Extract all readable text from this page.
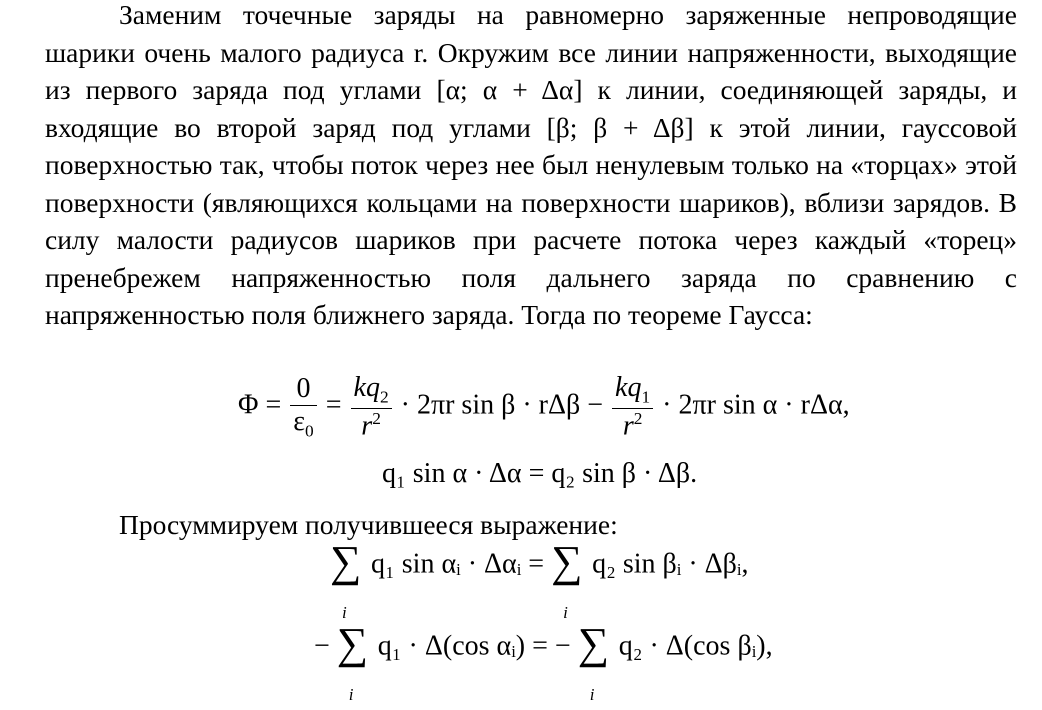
Заменим точечные заряды на равномерно заряженные непроводящие шарики очень малого радиуса r. Окружим все линии напряженности, выходящие из первого заряда под углами [α; α + Δα] к линии, соединяющей заряды, и входящие во второй заряд под углами [β; β + Δβ] к этой линии, гауссовой поверхностью так, чтобы поток через нее был ненулевым только на «торцах» этой поверхности (являющихся кольцами на поверхности шариков), вблизи зарядов. В силу малости радиусов шариков при расчете потока через каждый «торец» пренебрежем напряженностью поля дальнего заряда по сравнению с напряженностью поля ближнего заряда. Тогда по теореме Гаусса:

$\Phi = \frac{0}{\varepsilon_0} = \frac{kq_2}{r^2} \cdot 2\pi r$ $\sin \beta \cdot r\Delta\beta - \frac{kq_1}{r^2} \cdot 2\pi r$ sin α · rΔα,
q₁ sin α · Δα = q₂ sin β · Δβ.

Просуммируем получившееся выражение:

∑
i
q₁ sin αᵢ · Δαᵢ = ∑
i
q₂ sin βᵢ · Δβᵢ,
− ∑
i
q₁ · Δ(cos αᵢ) = − ∑
i
q₂ · Δ(cos βᵢ),
